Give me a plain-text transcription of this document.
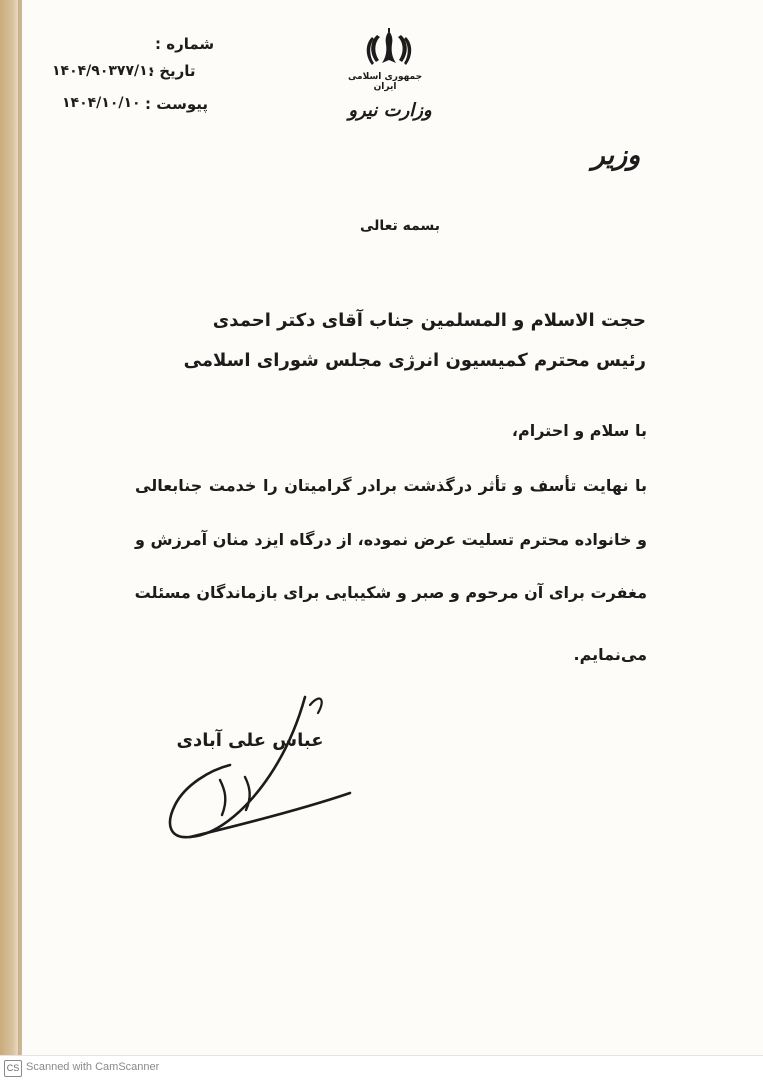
شماره :
تاریخ :
۱۴۰۴/۹۰۳۷۷/۱۰
پیوست :
۱۴۰۴/۱۰/۱۰
جمهوری اسلامی ایران
وزارت نیرو
وزیر
بسمه تعالی
حجت الاسلام و المسلمین جناب آقای دکتر احمدی
رئیس محترم کمیسیون انرژی مجلس شورای اسلامی
با سلام و احترام،
با نهایت تأسف و تأثر درگذشت برادر گرامیتان را خدمت جنابعالی
و خانواده محترم تسلیت عرض نموده، از درگاه ایزد منان آمرزش و
مغفرت برای آن مرحوم و صبر و شکیبایی برای بازماندگان مسئلت
می‌نمایم.
عباس علی آبادی
CS Scanned with CamScanner
